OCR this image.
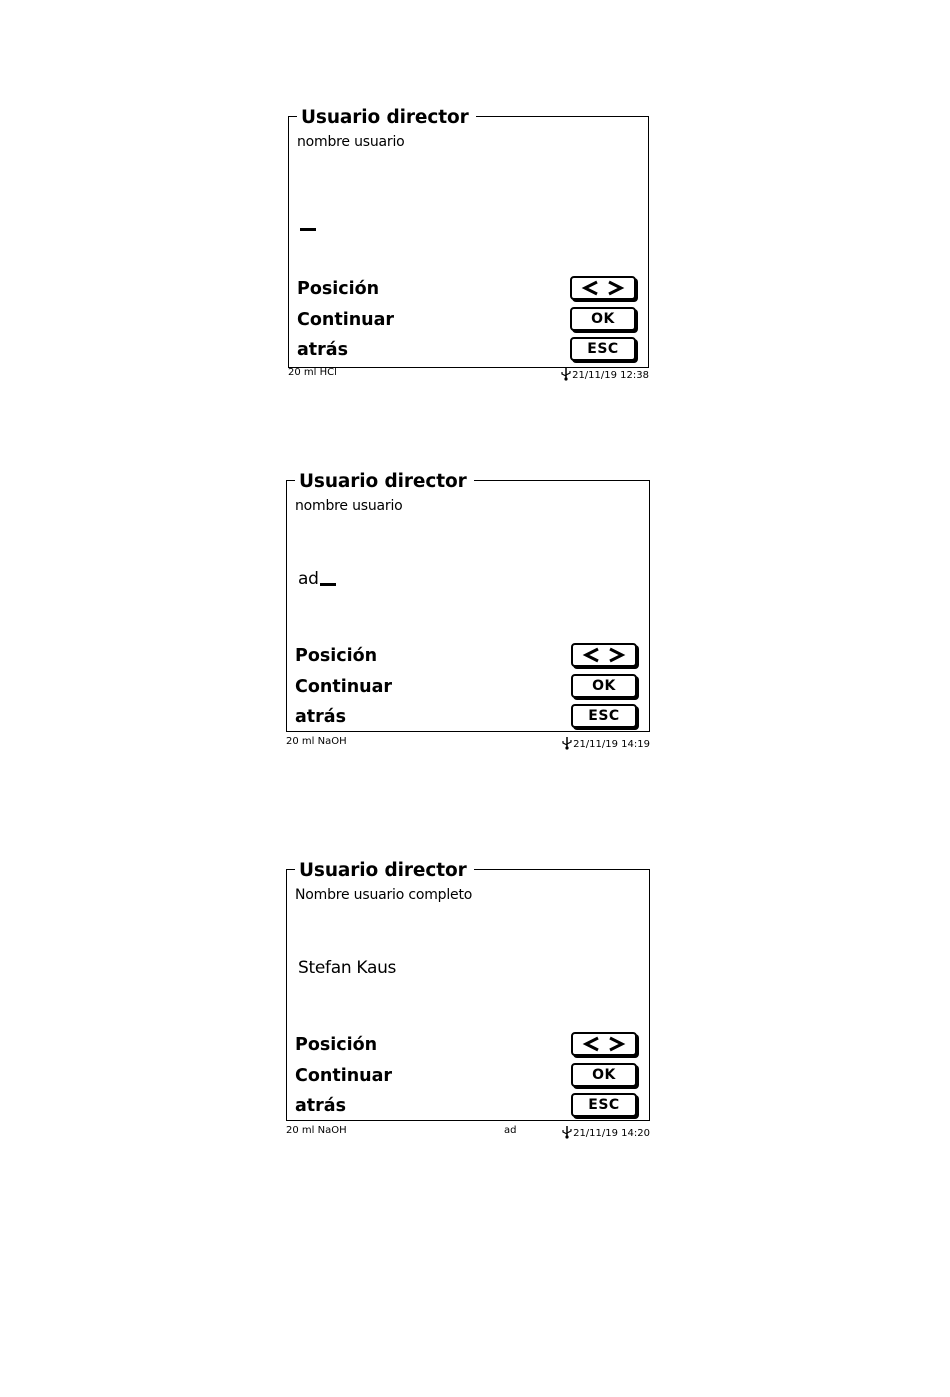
Usuario director
nombre usuario
Posición
Continuar	OK
atrás	ESC
20 ml HCl	21/11/19 12:38
Usuario director
nombre usuario
ad
Posición
Continuar	OK
atrás	ESC
20 ml NaOH	21/11/19 14:19
Usuario director
Nombre usuario completo
Stefan Kaus
Posición
Continuar	OK
atrás	ESC
20 ml NaOH	ad	21/11/19 14:20
